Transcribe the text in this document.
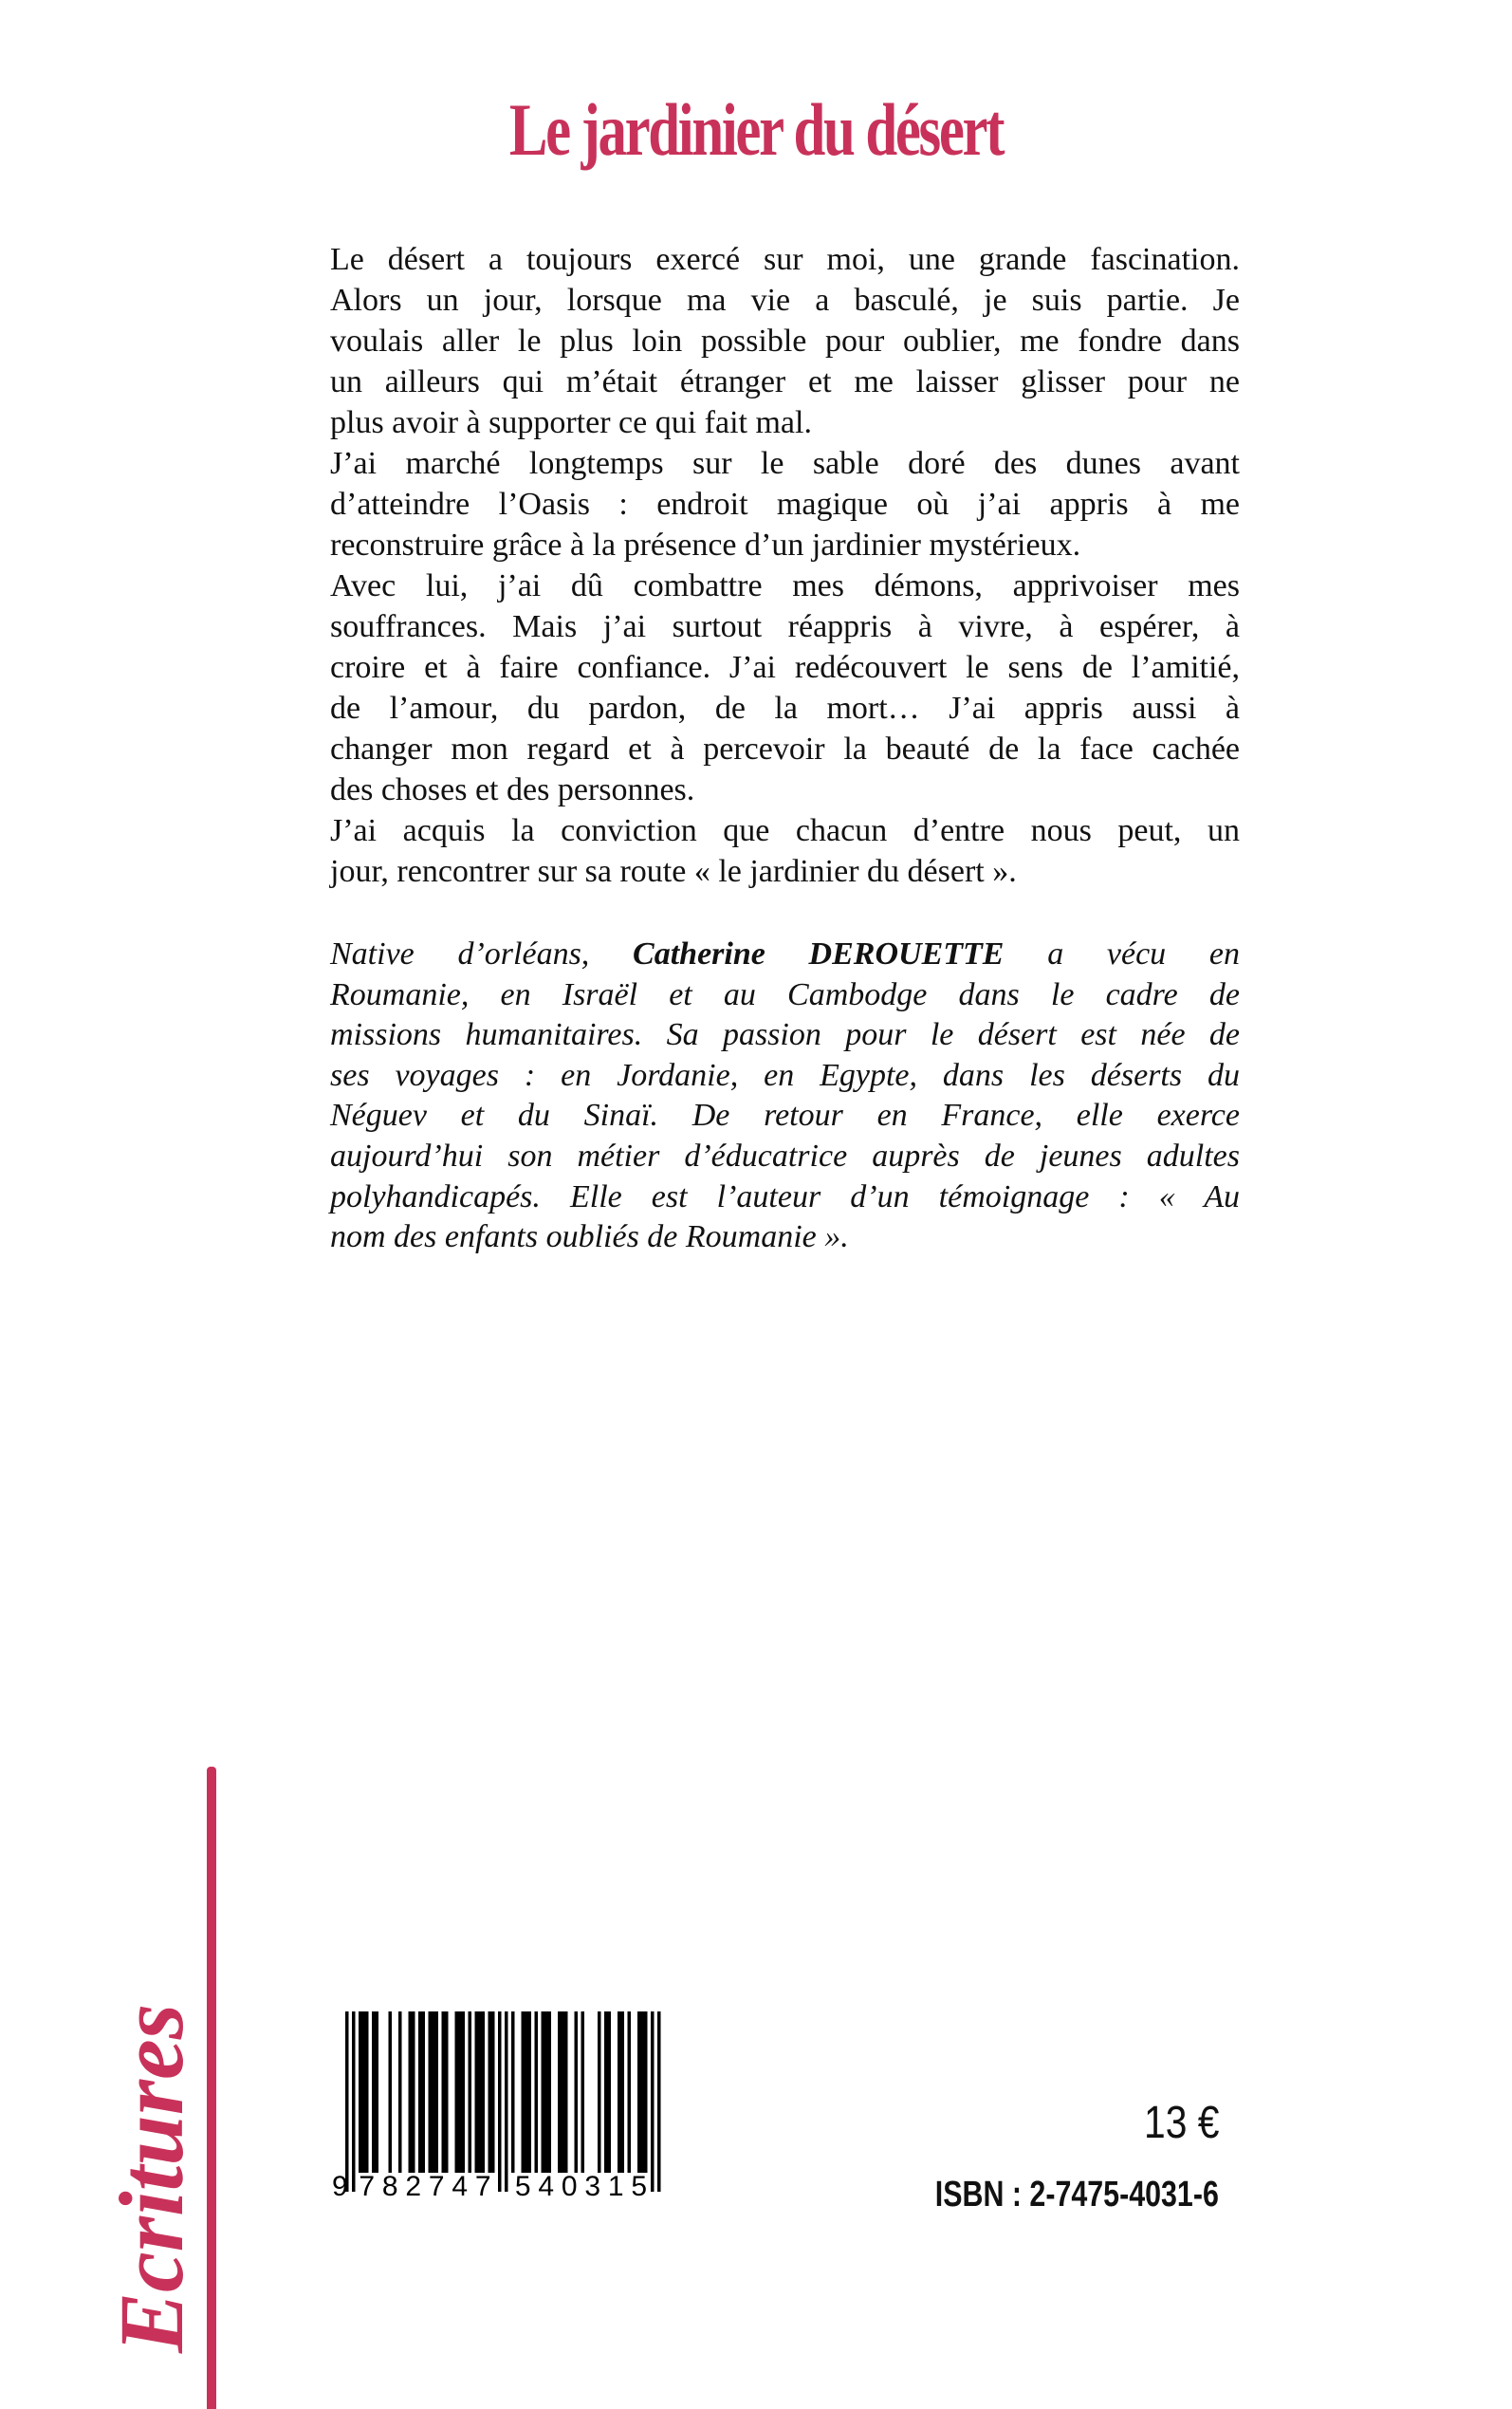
Le jardinier du désert
Le désert a toujours exercé sur moi, une grande fascination.
Alors un jour, lorsque ma vie a basculé, je suis partie. Je
voulais aller le plus loin possible pour oublier, me fondre dans
un ailleurs qui m’était étranger et me laisser glisser pour ne
plus avoir à supporter ce qui fait mal.
J’ai marché longtemps sur le sable doré des dunes avant
d’atteindre l’Oasis : endroit magique où j’ai appris à me
reconstruire grâce à la présence d’un jardinier mystérieux.
Avec lui, j’ai dû combattre mes démons, apprivoiser mes
souffrances. Mais j’ai surtout réappris à vivre, à espérer, à
croire et à faire confiance. J’ai redécouvert le sens de l’amitié,
de l’amour, du pardon, de la mort… J’ai appris aussi à
changer mon regard et à percevoir la beauté de la face cachée
des choses et des personnes.
J’ai acquis la conviction que chacun d’entre nous peut, un
jour, rencontrer sur sa route « le jardinier du désert ».
Native d’orléans, Catherine DEROUETTE a vécu en
Roumanie, en Israël et au Cambodge dans le cadre de
missions humanitaires. Sa passion pour le désert est née de
ses voyages : en Jordanie, en Egypte, dans les déserts du
Néguev et du Sinaï. De retour en France, elle exerce
aujourd’hui son métier d’éducatrice auprès de jeunes adultes
polyhandicapés. Elle est l’auteur d’un témoignage : « Au
nom des enfants oubliés de Roumanie ».
Ecritures	9 7 8 2 7 4 7 5 4 0 3 1 5
13 €
ISBN : 2-7475-4031-6
